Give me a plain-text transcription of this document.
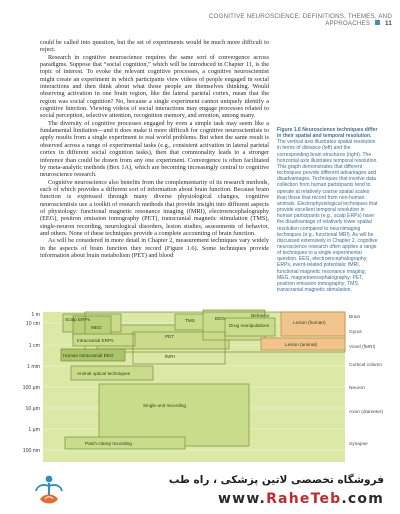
COGNITIVE NEUROSCIENCE: DEFINITIONS, THEMES, AND APPROACHES 11

could be called into question, but the set of experiments would be much more difficult to reject.

Research in cognitive neuroscience requires the same sort of convergence across paradigms. Suppose that “social cognition,” which will be introduced in Chapter 11, is the topic of interest. To evoke the relevant cognitive processes, a cognitive neuroscientist might create an experiment in which participants view videos of people engaged in social interactions and then think about what those people are themselves thinking. Would observing activation in one brain region, like the lateral parietal cortex, mean that the region was social cognition? No, because a single experiment cannot uniquely identify a cognitive function. Viewing videos of social interactions may engage processes related to social perception, selective attention, recognition memory, and emotion, among many.

The diversity of cognitive processes engaged by even a simple task may seem like a fundamental limitation—and it does make it more difficult for cognitive neuroscientists to apply results from a single experiment to real world problems. But when the same result is observed across a range of experimental tasks (e.g., consistent activation in lateral parietal cortex in different social cognition tasks), then that commonality leads to a stronger inference than could be drawn from any one experiment. Convergence is often facilitated by meta-analytic methods (Box 1A), which are becoming increasingly central to cognitive neuroscience research.

Cognitive neuroscience also benefits from the complementarity of its research methods, each of which provides a different sort of information about brain function. Because brain function is expressed through many diverse physiological changes, cognitive neuroscientists use a toolkit of research methods that provide insight into different aspects of physiology: functional magnetic resonance imaging (fMRI), electroencephalography (EEG), positron emission tomography (PET), transcranial magnetic stimulation (TMS), single-neuron recording, neurological disorders, lesion studies, assessments of behavior, and others. None of these techniques provide a complete accounting of brain function.

As will be considered in more detail in Chapter 2, measurement techniques vary widely in the aspects of brain function they record (Figure 1.6). Some techniques provide information about brain metabolism (PET) and blood

Figure 1.6 Neuroscience techniques differ in their spatial and temporal resolution. The vertical axis illustrates spatial resolution in terms of distance (left) and the corresponding brain structures (right). The horizontal axis illustrates temporal resolution. This graph demonstrates that different techniques provide different advantages and disadvantages. Techniques that involve data collection from human participants tend to operate at relatively coarse spatial scales than those that record from non-human animals. Electrophysiological techniques that provide excellent temporal resolution in human participants (e.g., scalp ERPs) have the disadvantage of relatively lower spatial resolution compared to neuroimaging techniques (e.g., functional MRI). As will be discussed extensively in Chapter 2, cognitive neuroscience research often applies a range of techniques to a single experimental question. EEG, electroencephalography; ERPs, event-related potentials; fMRI, functional magnetic resonance imaging; MEG, magnetoencephalography; PET, positron emission tomography; TMS, transcranial magnetic stimulation.
1 m
10 cm
1 cm
1 mm
100 µm
10 µm
1 µm
100 nm
Brain
Gyrus
Voxel (fMRI)
Cortical column
Neuron
Axon (diameter)
Synapse
Scalp ERPs
MEG
TMS	EEG
Behavior
Drug manipulations
Lesion (human)
Lesion (animal)
Intracranial ERPs
PET
Human intracranial EEG	fMRI
Animal optical techniques
Single-unit recording
Patch-clamp recording
فروشگاه تخصصی لاتین پزشکی ، راه طب
www.RaheTeb.com
